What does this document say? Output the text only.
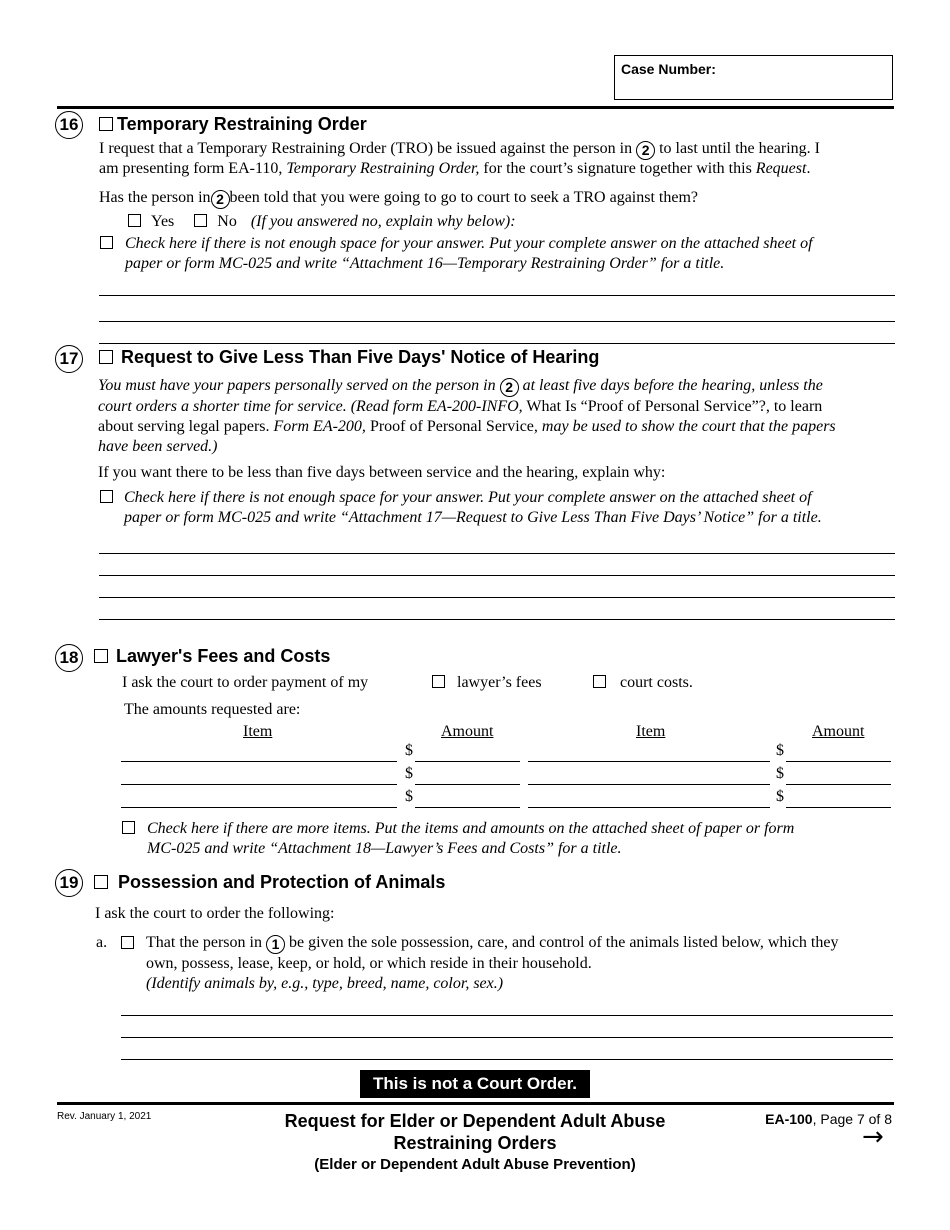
Case Number:
16	Temporary Restraining Order
I request that a Temporary Restraining Order (TRO) be issued against the person in 2 to last until the hearing. I
am presenting form EA-110, Temporary Restraining Order, for the court’s signature together with this Request.
Has the person in 2 been told that you were going to go to court to seek a TRO against them?
Yes	No (If you answered no, explain why below):
Check here if there is not enough space for your answer. Put your complete answer on the attached sheet of
paper or form MC-025 and write “Attachment 16—Temporary Restraining Order” for a title.
17	Request to Give Less Than Five Days' Notice of Hearing
You must have your papers personally served on the person in 2 at least five days before the hearing, unless the
court orders a shorter time for service. (Read form EA-200-INFO, What Is “Proof of Personal Service”?, to learn
about serving legal papers. Form EA-200, Proof of Personal Service, may be used to show the court that the papers
have been served.)
If you want there to be less than five days between service and the hearing, explain why:
Check here if there is not enough space for your answer. Put your complete answer on the attached sheet of
paper or form MC-025 and write “Attachment 17—Request to Give Less Than Five Days’ Notice” for a title.
18	Lawyer's Fees and Costs
I ask the court to order payment of my	lawyer’s fees	court costs.
The amounts requested are:
Item	Amount	Item	Amount
$	$
$	$
$	$
Check here if there are more items. Put the items and amounts on the attached sheet of paper or form
MC-025 and write “Attachment 18—Lawyer’s Fees and Costs” for a title.
19	Possession and Protection of Animals
I ask the court to order the following:
a. That the person in 1 be given the sole possession, care, and control of the animals listed below, which they
own, possess, lease, keep, or hold, or which reside in their household.
(Identify animals by, e.g., type, breed, name, color, sex.)
This is not a Court Order.
Rev. January 1, 2021	Request for Elder or Dependent Adult Abuse
Restraining Orders
(Elder or Dependent Adult Abuse Prevention)
EA-100, Page 7 of 8
→
